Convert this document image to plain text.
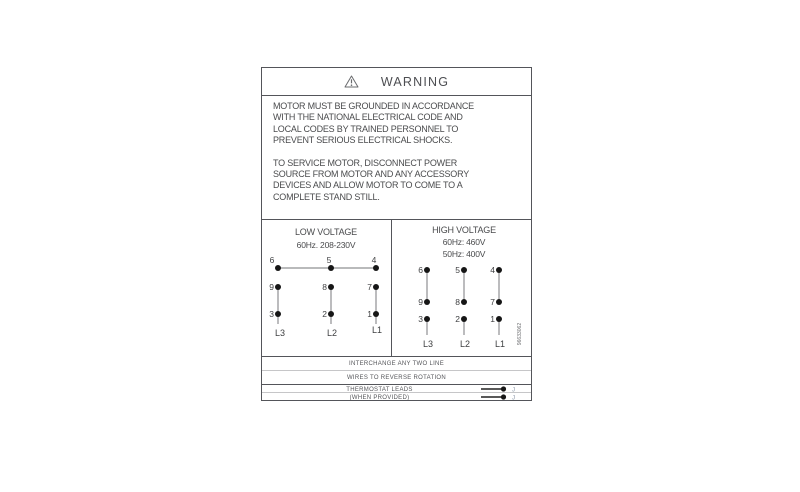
WARNING
MOTOR MUST BE GROUNDED IN ACCORDANCE
WITH THE NATIONAL ELECTRICAL CODE AND
LOCAL CODES BY TRAINED PERSONNEL TO
PREVENT SERIOUS ELECTRICAL SHOCKS.
TO SERVICE MOTOR, DISCONNECT POWER
SOURCE FROM MOTOR AND ANY ACCESSORY
DEVICES AND ALLOW MOTOR TO COME TO A
COMPLETE STAND STILL.
LOW VOLTAGE
60Hz. 208-230V
6	5	4
9	8	7
3	2	1
L3	L2	L1
HIGH VOLTAGE
60Hz: 460V
50Hz: 400V
6	5	4
9	8	7
3	2	1
L3	L2	L1 96633062
INTERCHANGE ANY TWO LINE
WIRES TO REVERSE ROTATION
THERMOSTAT LEADS	J
(WHEN PROVIDED)	J
